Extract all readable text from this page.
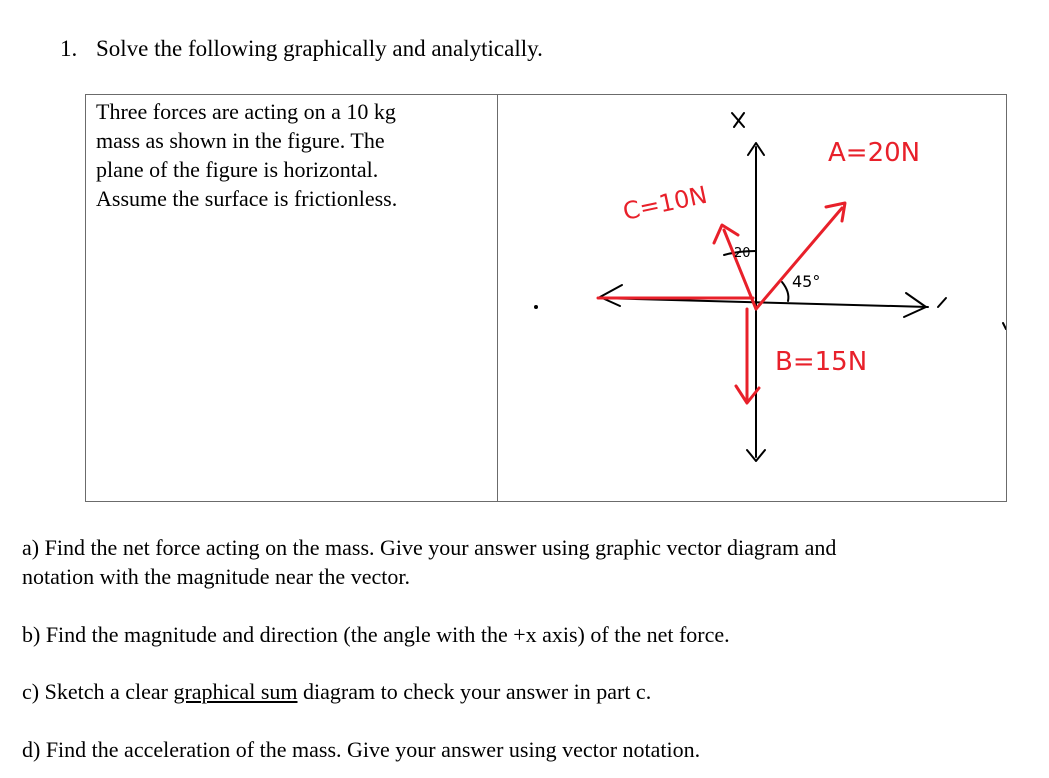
1. Solve the following graphically and analytically.
Three forces are acting on a 10 kg
mass as shown in the figure. The
plane of the figure is horizontal.
Assume the surface is frictionless.
A=20N
B=15N
C=10N
45°
20
a) Find the net force acting on the mass. Give your answer using graphic vector diagram and
notation with the magnitude near the vector.
b) Find the magnitude and direction (the angle with the +x axis) of the net force.
c) Sketch a clear graphical sum diagram to check your answer in part c.
d) Find the acceleration of the mass. Give your answer using vector notation.
